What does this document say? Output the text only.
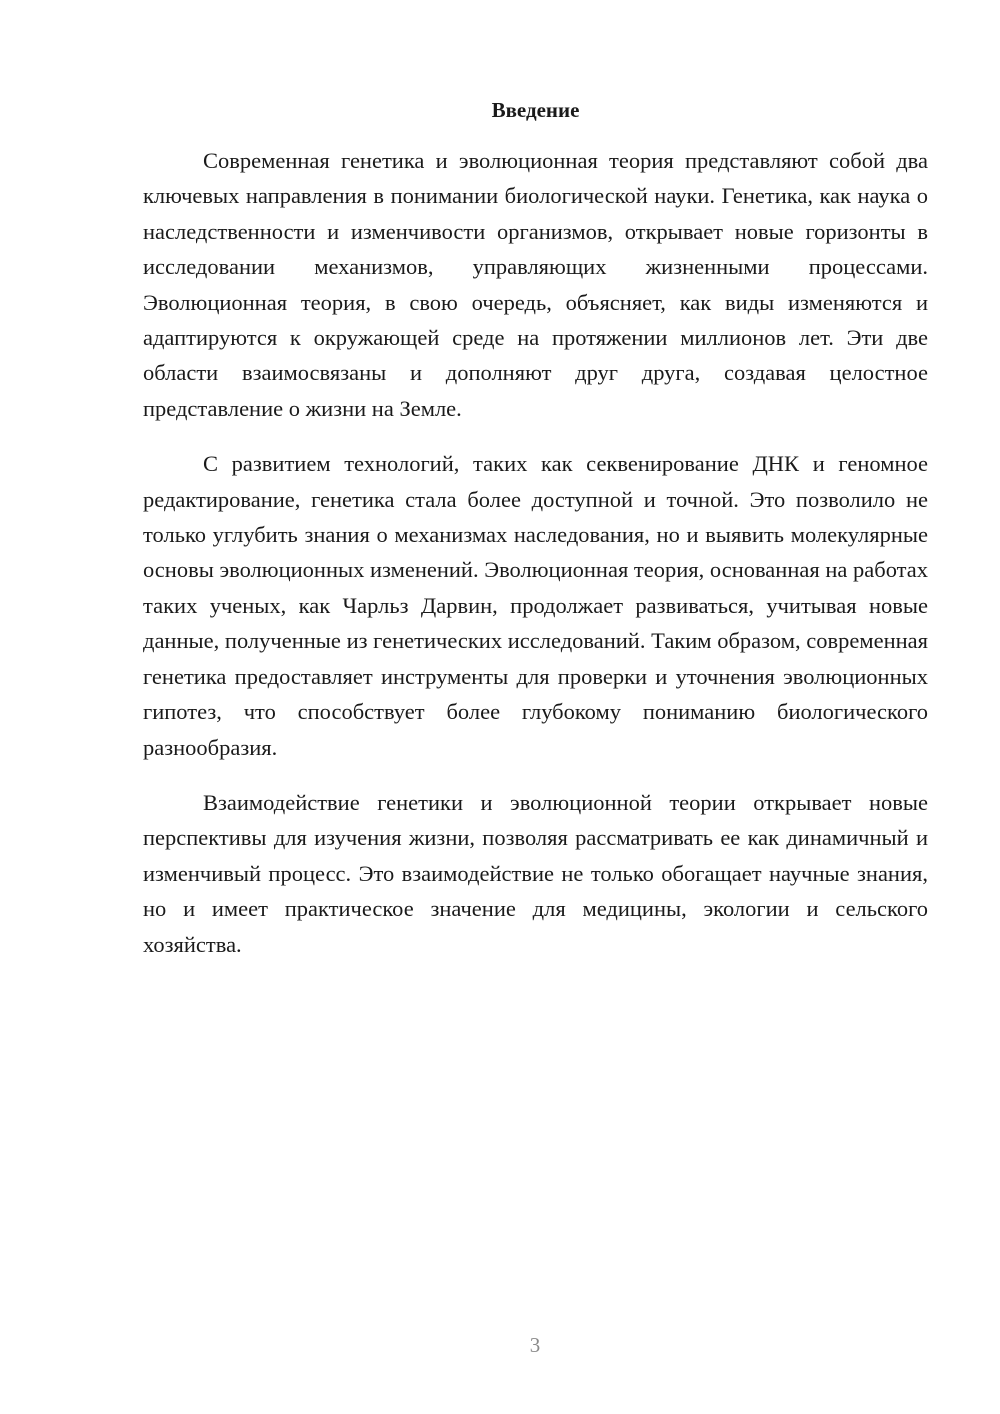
Введение

Современная генетика и эволюционная теория представляют собой два ключевых направления в понимании биологической науки. Генетика, как наука о наследственности и изменчивости организмов, открывает новые горизонты в исследовании механизмов, управляющих жизненными процессами. Эволюционная теория, в свою очередь, объясняет, как виды изменяются и адаптируются к окружающей среде на протяжении миллионов лет. Эти две области взаимосвязаны и дополняют друг друга, создавая целостное представление о жизни на Земле.

С развитием технологий, таких как секвенирование ДНК и геномное редактирование, генетика стала более доступной и точной. Это позволило не только углубить знания о механизмах наследования, но и выявить молекулярные основы эволюционных изменений. Эволюционная теория, основанная на работах таких ученых, как Чарльз Дарвин, продолжает развиваться, учитывая новые данные, полученные из генетических исследований. Таким образом, современная генетика предоставляет инструменты для проверки и уточнения эволюционных гипотез, что способствует более глубокому пониманию биологического разнообразия.

Взаимодействие генетики и эволюционной теории открывает новые перспективы для изучения жизни, позволяя рассматривать ее как динамичный и изменчивый процесс. Это взаимодействие не только обогащает научные знания, но и имеет практическое значение для медицины, экологии и сельского хозяйства.

3
